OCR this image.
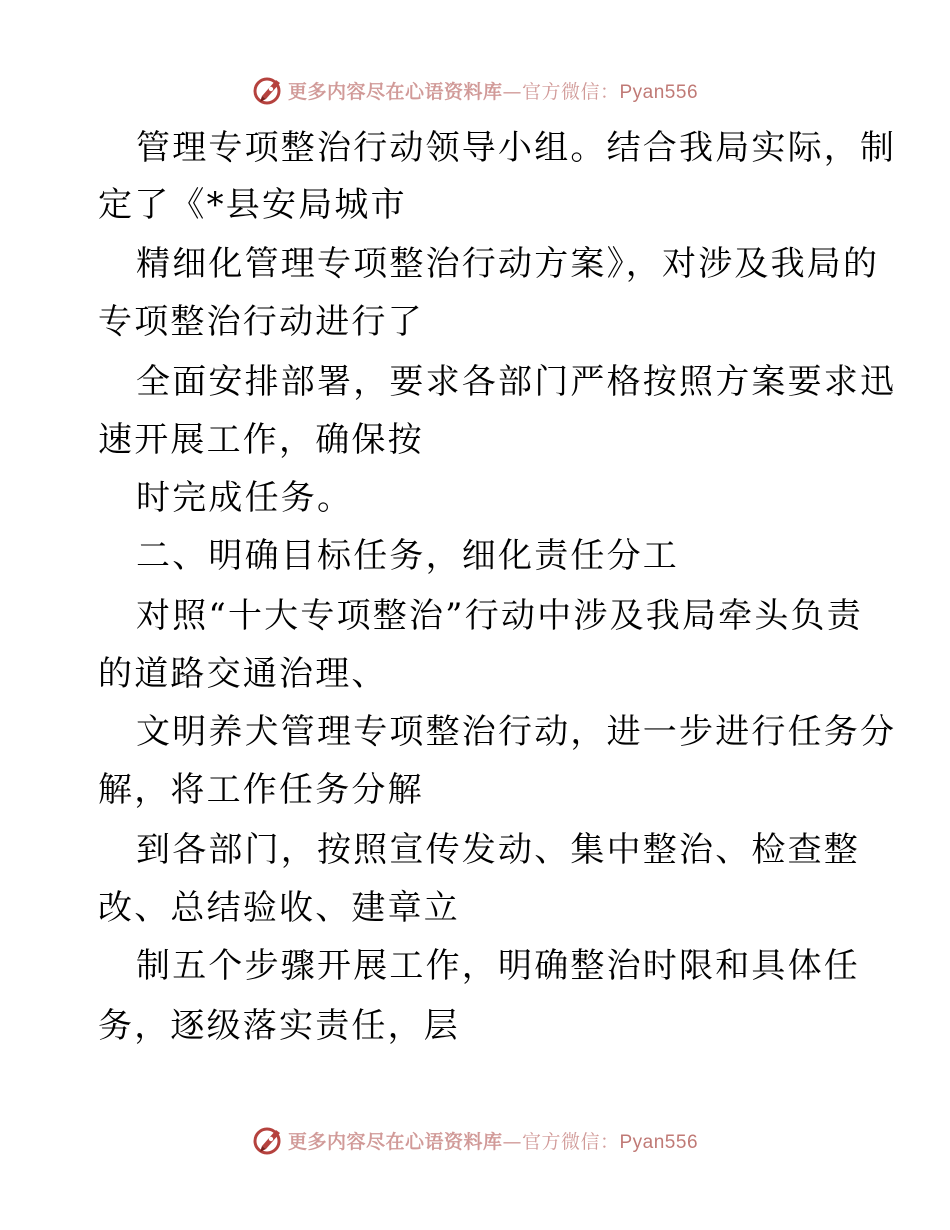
更多内容尽在心语资料库—官方微信：Pyan556
管理专项整治行动领导小组。结合我局实际，制
定了《*县安局城市
精细化管理专项整治行动方案》，对涉及我局的
专项整治行动进行了
全面安排部署，要求各部门严格按照方案要求迅
速开展工作，确保按
时完成任务。
二、明确目标任务，细化责任分工
对照“十大专项整治”行动中涉及我局牵头负责
的道路交通治理、
文明养犬管理专项整治行动，进一步进行任务分
解，将工作任务分解
到各部门，按照宣传发动、集中整治、检查整
改、总结验收、建章立
制五个步骤开展工作，明确整治时限和具体任
务，逐级落实责任，层
更多内容尽在心语资料库—官方微信：Pyan556
